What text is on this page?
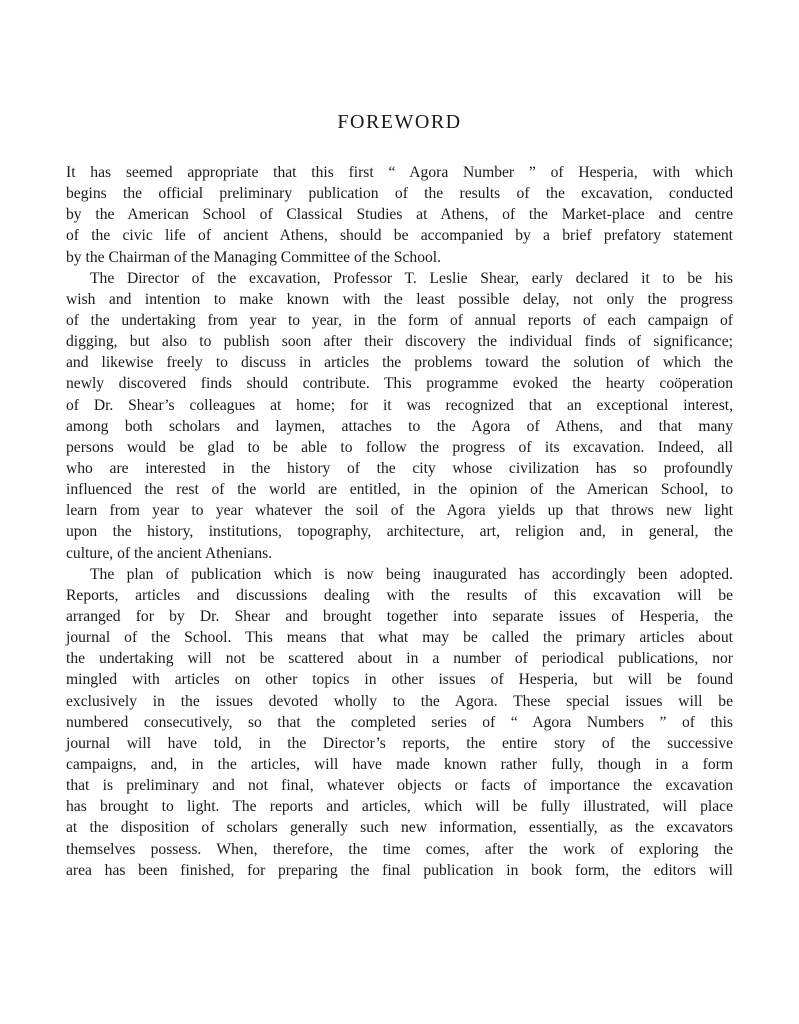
FOREWORD
It has seemed appropriate that this first “ Agora Number ” of Hesperia, with which
begins the official preliminary publication of the results of the excavation, conducted
by the American School of Classical Studies at Athens, of the Market-place and centre
of the civic life of ancient Athens, should be accompanied by a brief prefatory statement
by the Chairman of the Managing Committee of the School.
The Director of the excavation, Professor T. Leslie Shear, early declared it to be his
wish and intention to make known with the least possible delay, not only the progress
of the undertaking from year to year, in the form of annual reports of each campaign of
digging, but also to publish soon after their discovery the individual finds of significance;
and likewise freely to discuss in articles the problems toward the solution of which the
newly discovered finds should contribute. This programme evoked the hearty coöperation
of Dr. Shear’s colleagues at home; for it was recognized that an exceptional interest,
among both scholars and laymen, attaches to the Agora of Athens, and that many
persons would be glad to be able to follow the progress of its excavation. Indeed, all
who are interested in the history of the city whose civilization has so profoundly
influenced the rest of the world are entitled, in the opinion of the American School, to
learn from year to year whatever the soil of the Agora yields up that throws new light
upon the history, institutions, topography, architecture, art, religion and, in general, the
culture, of the ancient Athenians.
The plan of publication which is now being inaugurated has accordingly been adopted.
Reports, articles and discussions dealing with the results of this excavation will be
arranged for by Dr. Shear and brought together into separate issues of Hesperia, the
journal of the School. This means that what may be called the primary articles about
the undertaking will not be scattered about in a number of periodical publications, nor
mingled with articles on other topics in other issues of Hesperia, but will be found
exclusively in the issues devoted wholly to the Agora. These special issues will be
numbered consecutively, so that the completed series of “ Agora Numbers ” of this
journal will have told, in the Director’s reports, the entire story of the successive
campaigns, and, in the articles, will have made known rather fully, though in a form
that is preliminary and not final, whatever objects or facts of importance the excavation
has brought to light. The reports and articles, which will be fully illustrated, will place
at the disposition of scholars generally such new information, essentially, as the excavators
themselves possess. When, therefore, the time comes, after the work of exploring the
area has been finished, for preparing the final publication in book form, the editors will
